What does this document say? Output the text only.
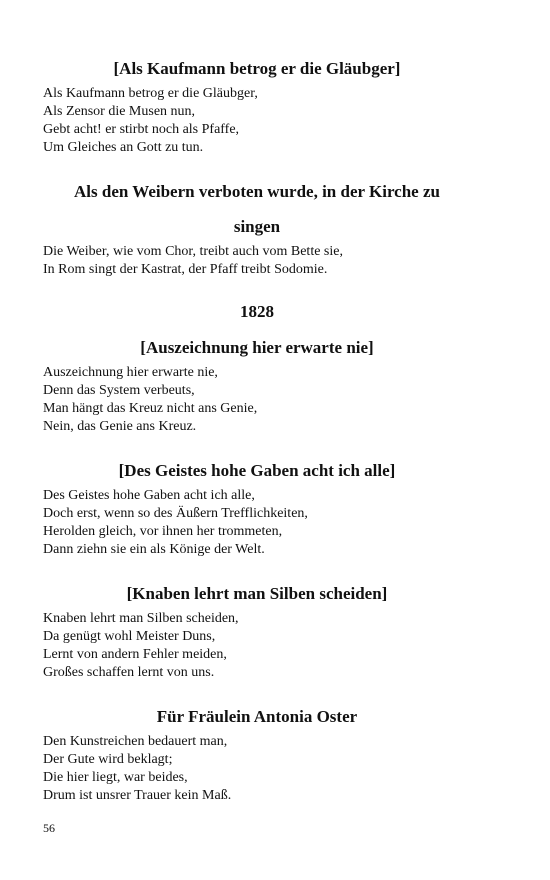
[Als Kaufmann betrog er die Gläubger]
Als Kaufmann betrog er die Gläubger,
Als Zensor die Musen nun,
Gebt acht! er stirbt noch als Pfaffe,
Um Gleiches an Gott zu tun.
Als den Weibern verboten wurde, in der Kirche zu
singen
Die Weiber, wie vom Chor, treibt auch vom Bette sie,
In Rom singt der Kastrat, der Pfaff treibt Sodomie.
1828
[Auszeichnung hier erwarte nie]
Auszeichnung hier erwarte nie,
Denn das System verbeuts,
Man hängt das Kreuz nicht ans Genie,
Nein, das Genie ans Kreuz.
[Des Geistes hohe Gaben acht ich alle]
Des Geistes hohe Gaben acht ich alle,
Doch erst, wenn so des Äußern Trefflichkeiten,
Herolden gleich, vor ihnen her trommeten,
Dann ziehn sie ein als Könige der Welt.
[Knaben lehrt man Silben scheiden]
Knaben lehrt man Silben scheiden,
Da genügt wohl Meister Duns,
Lernt von andern Fehler meiden,
Großes schaffen lernt von uns.
Für Fräulein Antonia Oster
Den Kunstreichen bedauert man,
Der Gute wird beklagt;
Die hier liegt, war beides,
Drum ist unsrer Trauer kein Maß.
56
